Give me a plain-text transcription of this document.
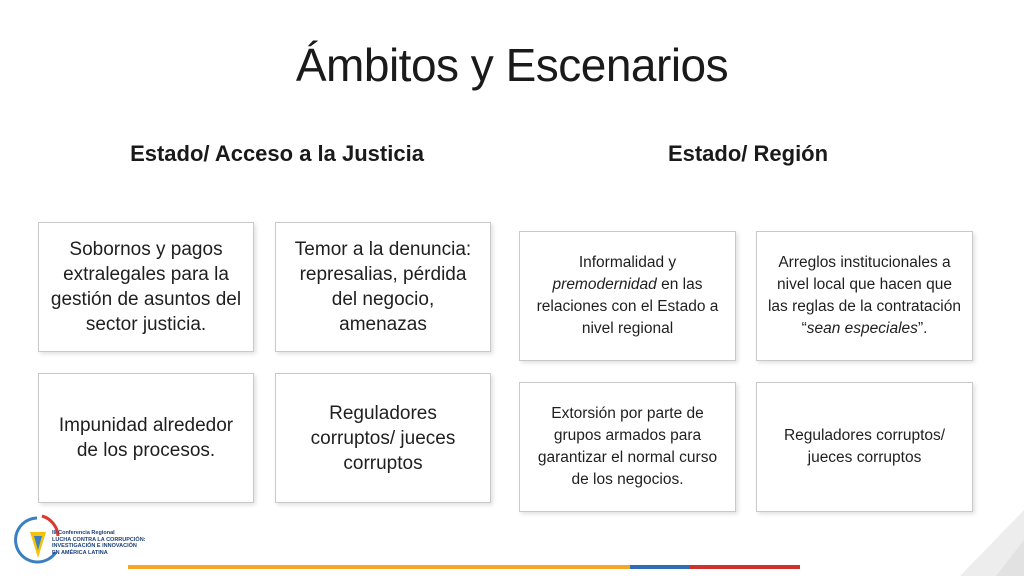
Ámbitos y Escenarios
Estado/ Acceso a la Justicia	Estado/ Región
Sobornos y pagos extralegales para la gestión de asuntos del sector justicia.
Temor a la denuncia: represalias, pérdida del negocio, amenazas
Impunidad alrededor de los procesos.
Reguladores corruptos/ jueces corruptos
Informalidad y premodernidad en las relaciones con el Estado a nivel regional
Arreglos institucionales a nivel local que hacen que las reglas de la contratación “sean especiales”.
Extorsión por parte de grupos armados para garantizar el normal curso de los negocios.
Reguladores corruptos/ jueces corruptos
III Conferencia Regional
LUCHA CONTRA LA CORRUPCIÓN:
INVESTIGACIÓN E INNOVACIÓN
EN AMÉRICA LATINA
